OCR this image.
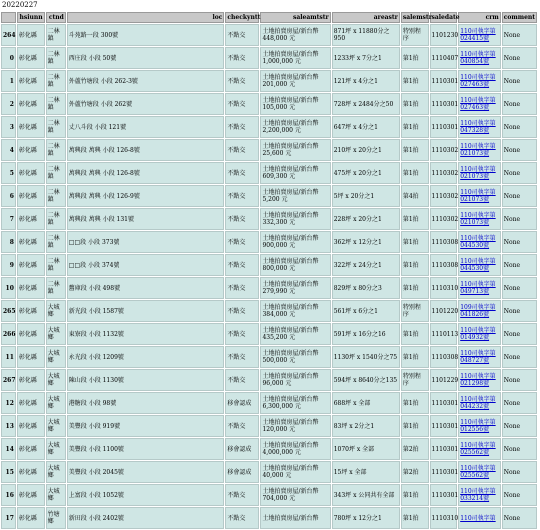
20220227
	hsiunn	ctnd	loc	checkyntt	saleamtstr	areastr	salemstr	saledate	crm	comment
264	彰化縣	二林鎮	斗苑路一段 300號	不點交	土地拍賣房屋/新台幣 448,000 元	871坪 x 11880分之950	特別程序	1101230	110司執字第024415號	None
0	彰化縣	二林鎮	西庄段 小段 50號	不點交	土地拍賣房屋/新台幣 1,000,000 元	1233坪 x 7分之1	第1拍	1110407	110司執字第040854號	None
1	彰化縣	二林鎮	外蘆竹塘段 小段 262-3號	不點交	土地拍賣房屋/新台幣 201,000 元	121坪 x 4分之1	第1拍	1110301	110司執字第027463號	None
2	彰化縣	二林鎮	外蘆竹塘段 小段 262號	不點交	土地拍賣房屋/新台幣 105,000 元	728坪 x 2484分之50	第1拍	1110301	110司執字第027463號	None
3	彰化縣	二林鎮	丈八斗段 小段 121號	不點交	土地拍賣房屋/新台幣 2,200,000 元	647坪 x 4分之1	第1拍	1110301	110司執字第047328號	None
4	彰化縣	二林鎮	萬興段 萬興 小段 126-8號	不點交	土地拍賣房屋/新台幣 25,600 元	210坪 x 20分之1	第1拍	1110302	110司執字第021073號	None
5	彰化縣	二林鎮	萬興段 萬興 小段 126-8號	不點交	土地拍賣房屋/新台幣 609,300 元	475坪 x 20分之1	第1拍	1110302	110司執字第021073號	None
6	彰化縣	二林鎮	萬興段 萬興 小段 126-9號	不點交	土地拍賣房屋/新台幣 5,200 元	5坪 x 20分之1	第4拍	1110302	110司執字第021073號	None
7	彰化縣	二林鎮	萬興段 萬興 小段 131號	不點交	土地拍賣房屋/新台幣 332,300 元	228坪 x 20分之1	第1拍	1110302	110司執字第021073號	None
8	彰化縣	二林鎮	□□段 小段 373號	不點交	土地拍賣房屋/新台幣 900,000 元	362坪 x 12分之1	第1拍	1110308	110司執字第044530號	None
9	彰化縣	二林鎮	□□段 小段 374號	不點交	土地拍賣房屋/新台幣 800,000 元	322坪 x 24分之1	第1拍	1110308	110司執字第044530號	None
10	彰化縣	二林鎮	舊庫段 小段 498號	不點交	土地拍賣房屋/新台幣 279,990 元	829坪 x 80分之3	第1拍	1110310	110司執字第049713號	None
265	彰化縣	大城鄉	新光段 小段 1587號	不點交	土地拍賣房屋/新台幣 384,000 元	561坪 x 6分之1	特別程序	1101220	109司執字第041826號	None
266	彰化縣	大城鄉	東寮段 小段 1132號	不點交	土地拍賣房屋/新台幣 435,200 元	591坪 x 16分之16	第1拍	1110113	110司執字第014932號	None
11	彰化縣	大城鄉	永光段 小段 1209號	不點交	土地拍賣房屋/新台幣 500,000 元	1130坪 x 1540分之75	第1拍	1110308	110司執字第048727號	None
267	彰化縣	大城鄉	陳山段 小段 1130號	不點交	土地拍賣房屋/新台幣 96,000 元	594坪 x 8640分之135	特別程序	1101229	110司執字第021298號	None
12	彰化縣	大城鄉	港糖段 小段 98號	移會認成	土地拍賣房屋/新台幣 6,300,000 元	688坪 x 全部	第1拍	1110301	110司執字第044232號	None
13	彰化縣	大城鄉	美豐段 小段 919號	不點交	土地拍賣房屋/新台幣 120,000 元	83坪 x 2分之1	第1拍	1110301	110司執字第012556號	None
14	彰化縣	大城鄉	美豐段 小段 1100號	移會認成	土地拍賣房屋/新台幣 4,000,000 元	1070坪 x 全部	第2拍	1110301	110司執字第025562號	None
15	彰化縣	大城鄉	美豐段 小段 2045號	移會認成	土地拍賣房屋/新台幣 40,000 元	15坪 x 全部	第2拍	1110301	110司執字第025562號	None
16	彰化縣	大城鄉	上富段 小段 1052號	不點交	土地拍賣房屋/新台幣 704,000 元	343坪 x 公同共有全部	第1拍	1110301	110司執字第033214號	None
17	彰化縣	竹塘鄉	新田段 小段 2402號	不點交	土地拍賣房屋/新台幣	780坪 x 12分之1	第1拍	1110310	110司執字第	None
